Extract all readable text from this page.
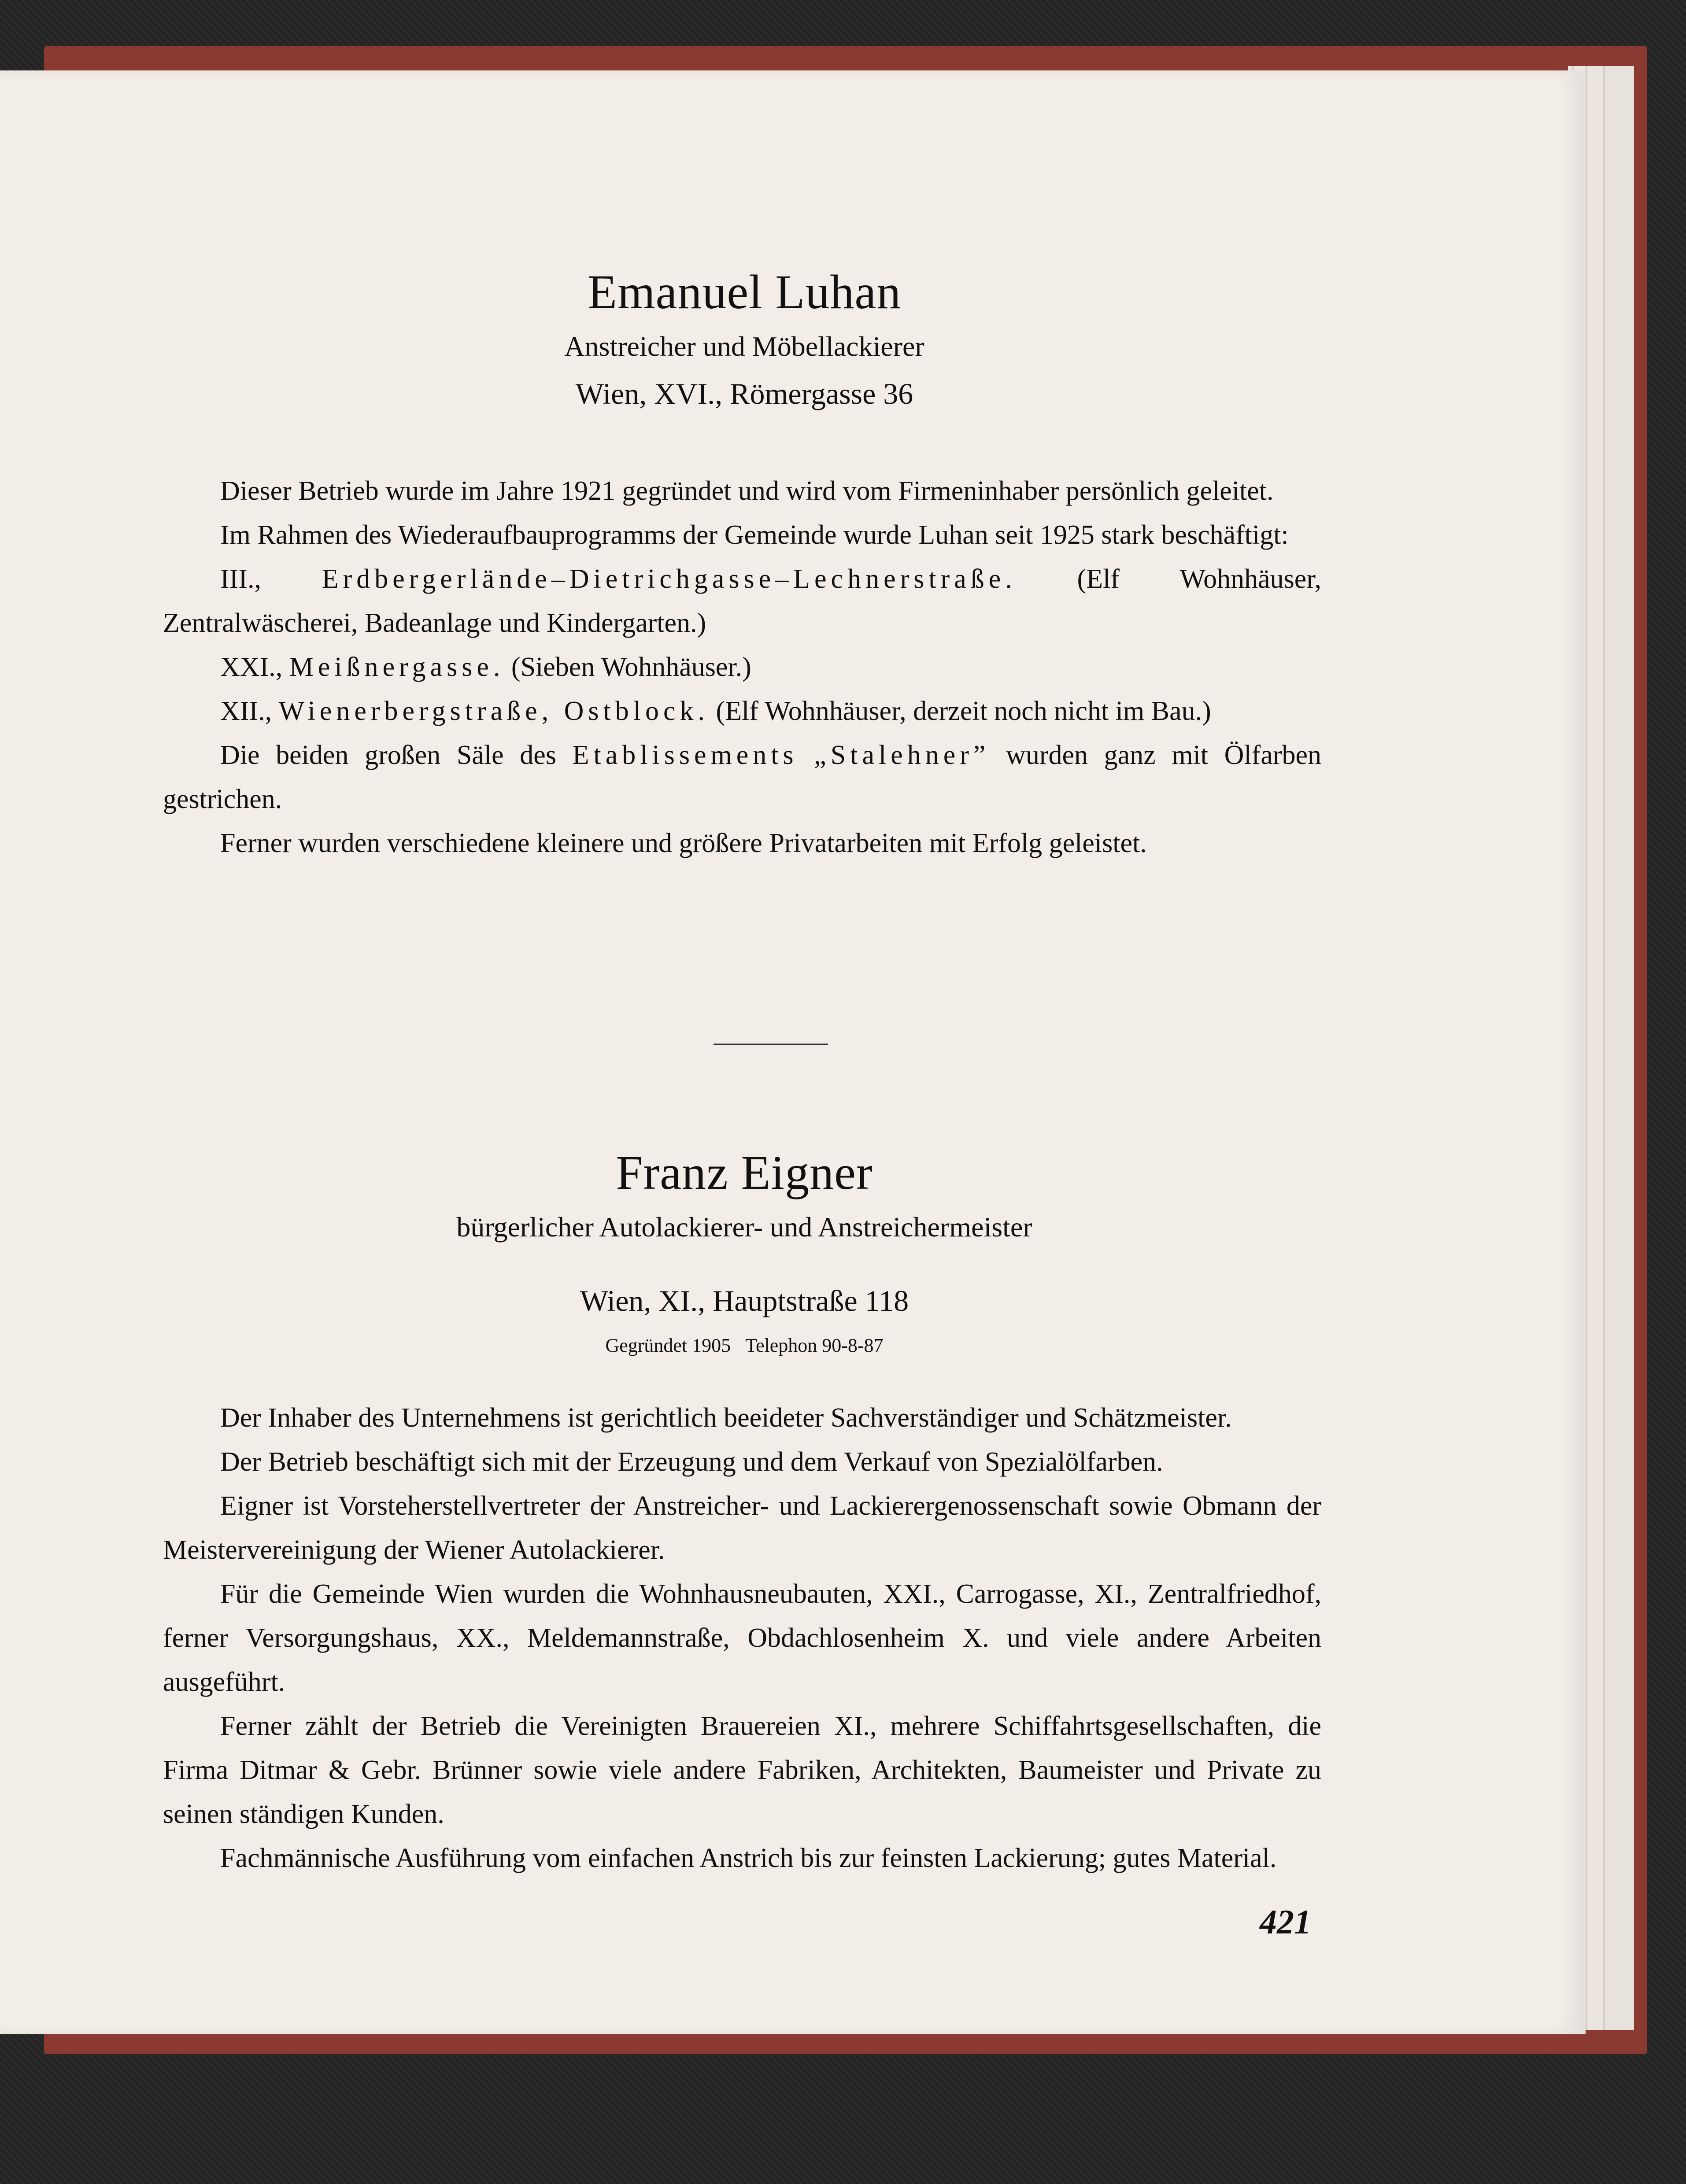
Emanuel Luhan
Anstreicher und Möbellackierer
Wien, XVI., Römergasse 36

Dieser Betrieb wurde im Jahre 1921 gegründet und wird vom Firmeninhaber persönlich geleitet.

Im Rahmen des Wiederaufbauprogramms der Gemeinde wurde Luhan seit 1925 stark beschäftigt:

III., Erdbergerlände–Dietrichgasse–Lechnerstraße. (Elf Wohnhäuser, Zentralwäscherei, Badeanlage und Kindergarten.)

XXI., Meißnergasse. (Sieben Wohnhäuser.)

XII., Wienerbergstraße, Ostblock. (Elf Wohnhäuser, derzeit noch nicht im Bau.)

Die beiden großen Säle des Etablissements „Stalehner” wurden ganz mit Ölfarben gestrichen.

Ferner wurden verschiedene kleinere und größere Privatarbeiten mit Erfolg geleistet.

Franz Eigner
bürgerlicher Autolackierer- und Anstreichermeister
Wien, XI., Hauptstraße 118
Gegründet 1905 Telephon 90-8-87

Der Inhaber des Unternehmens ist gerichtlich beeideter Sachverständiger und Schätzmeister.

Der Betrieb beschäftigt sich mit der Erzeugung und dem Verkauf von Spezialölfarben.

Eigner ist Vorsteherstellvertreter der Anstreicher- und Lackierergenossenschaft sowie Obmann der Meistervereinigung der Wiener Autolackierer.

Für die Gemeinde Wien wurden die Wohnhausneubauten, XXI., Carrogasse, XI., Zentralfriedhof, ferner Versorgungshaus, XX., Meldemannstraße, Obdachlosenheim X. und viele andere Arbeiten ausgeführt.

Ferner zählt der Betrieb die Vereinigten Brauereien XI., mehrere Schiffahrtsgesellschaften, die Firma Ditmar & Gebr. Brünner sowie viele andere Fabriken, Architekten, Baumeister und Private zu seinen ständigen Kunden.

Fachmännische Ausführung vom einfachen Anstrich bis zur feinsten Lackierung; gutes Material.

421
